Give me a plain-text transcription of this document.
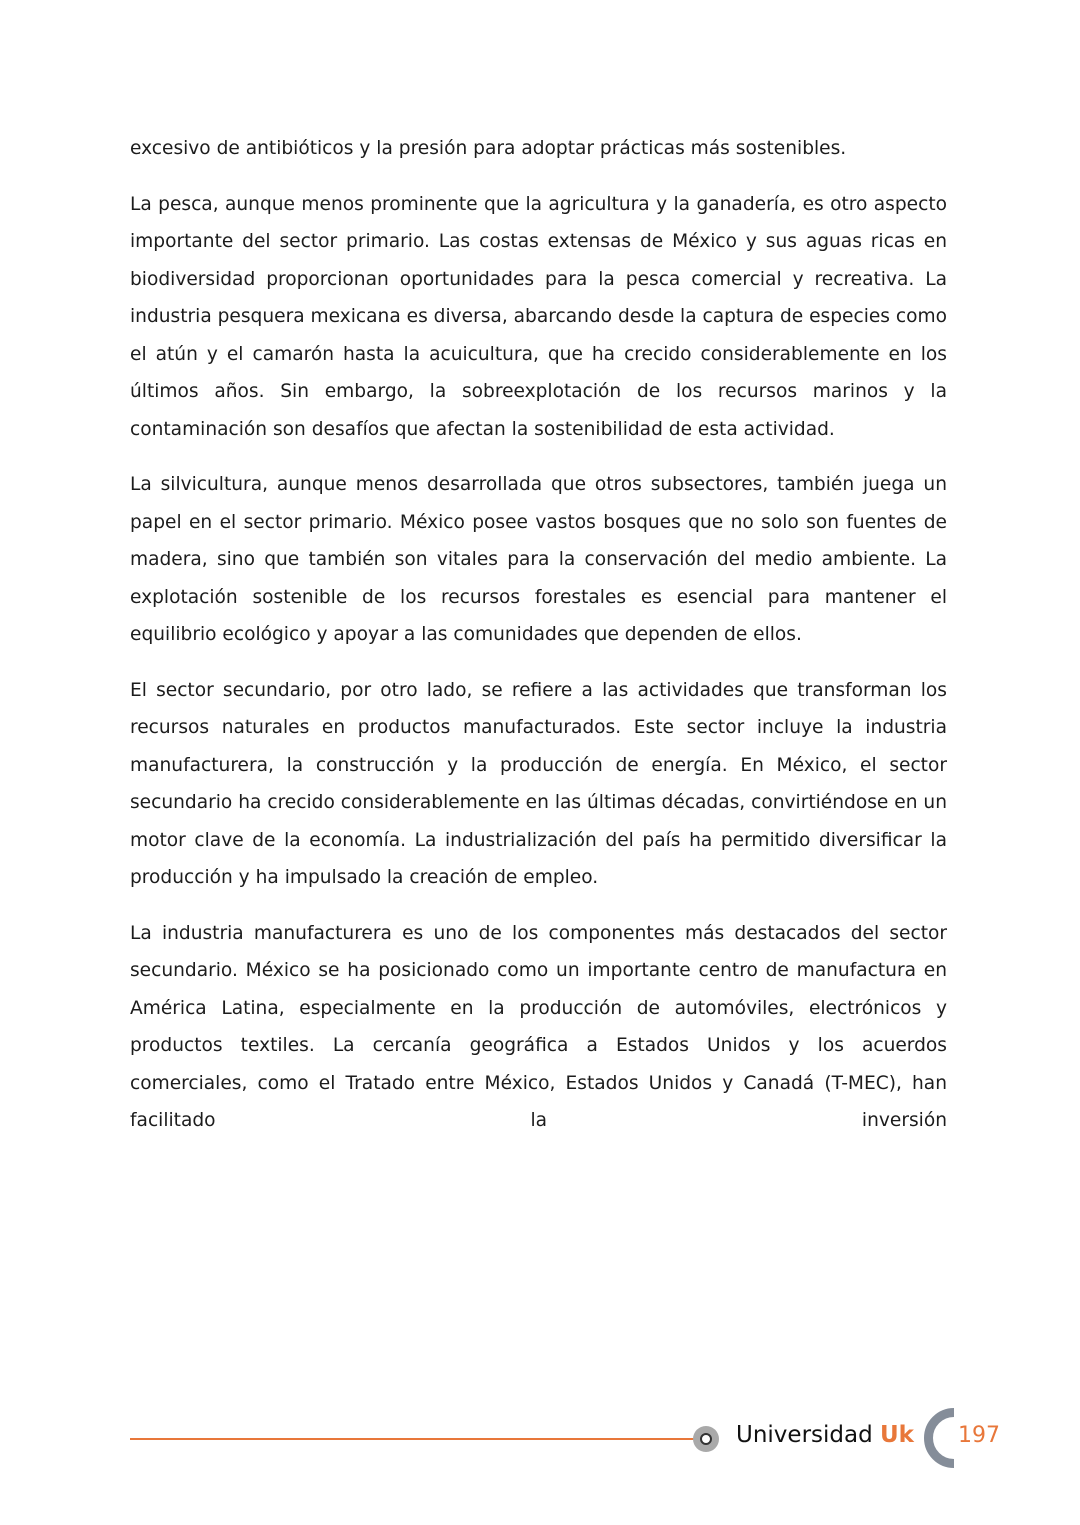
excesivo de antibióticos y la presión para adoptar prácticas más sostenibles.

La pesca, aunque menos prominente que la agricultura y la ganadería, es otro aspecto importante del sector primario. Las costas extensas de México y sus aguas ricas en biodiversidad proporcionan oportunidades para la pesca comercial y recreativa. La industria pesquera mexicana es diversa, abarcando desde la captura de especies como el atún y el camarón hasta la acuicultura, que ha crecido considerablemente en los últimos años. Sin embargo, la sobreexplotación de los recursos marinos y la contaminación son desafíos que afectan la sostenibilidad de esta actividad.

La silvicultura, aunque menos desarrollada que otros subsectores, también juega un papel en el sector primario. México posee vastos bosques que no solo son fuentes de madera, sino que también son vitales para la conservación del medio ambiente. La explotación sostenible de los recursos forestales es esencial para mantener el equilibrio ecológico y apoyar a las comunidades que dependen de ellos.

El sector secundario, por otro lado, se refiere a las actividades que transforman los recursos naturales en productos manufacturados. Este sector incluye la industria manufacturera, la construcción y la producción de energía. En México, el sector secundario ha crecido considerablemente en las últimas décadas, convirtiéndose en un motor clave de la economía. La industrialización del país ha permitido diversificar la producción y ha impulsado la creación de empleo.

La industria manufacturera es uno de los componentes más destacados del sector secundario. México se ha posicionado como un importante centro de manufactura en América Latina, especialmente en la producción de automóviles, electrónicos y productos textiles. La cercanía geográfica a Estados Unidos y los acuerdos comerciales, como el Tratado entre México, Estados Unidos y Canadá (T-MEC), han facilitado la inversión

Universidad Uk 197
